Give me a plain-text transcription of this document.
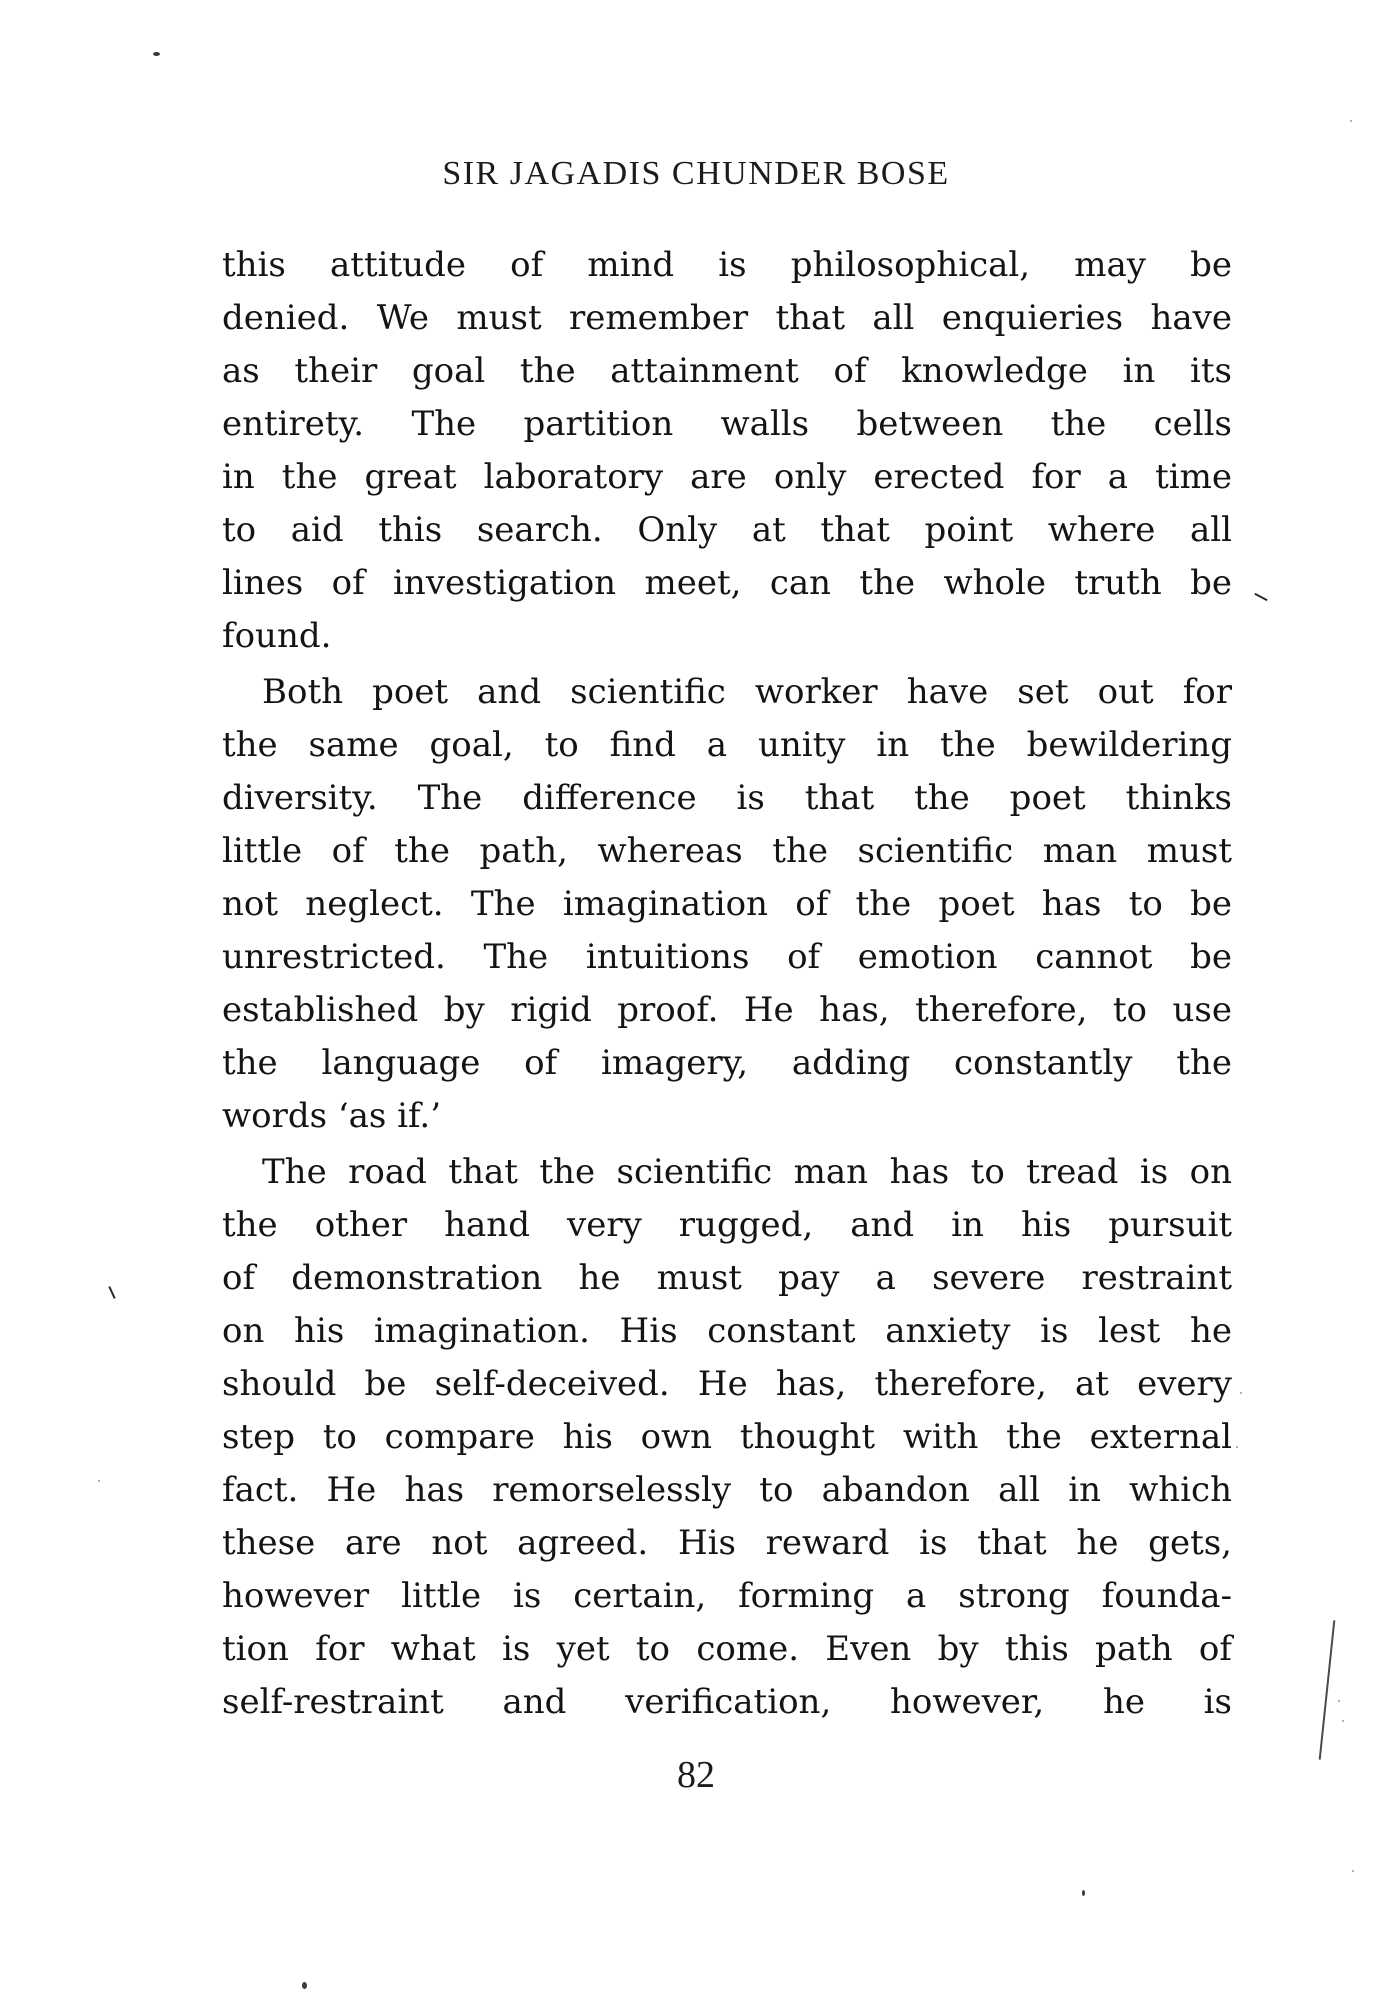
SIR JAGADIS CHUNDER BOSE
this attitude of mind is philosophical, may be
denied. We must remember that all enquieries have
as their goal the attainment of knowledge in its
entirety. The partition walls between the cells
in the great laboratory are only erected for a time
to aid this search. Only at that point where all
lines of investigation meet, can the whole truth be
found.
Both poet and scientific worker have set out for
the same goal, to find a unity in the bewildering
diversity. The difference is that the poet thinks
little of the path, whereas the scientific man must
not neglect. The imagination of the poet has to be
unrestricted. The intuitions of emotion cannot be
established by rigid proof. He has, therefore, to use
the language of imagery, adding constantly the
words ‘as if.’
The road that the scientific man has to tread is on
the other hand very rugged, and in his pursuit
of demonstration he must pay a severe restraint
on his imagination. His constant anxiety is lest he
should be self-deceived. He has, therefore, at every
step to compare his own thought with the external
fact. He has remorselessly to abandon all in which
these are not agreed. His reward is that he gets,
however little is certain, forming a strong founda-
tion for what is yet to come. Even by this path of
self-restraint and verification, however, he is
82
